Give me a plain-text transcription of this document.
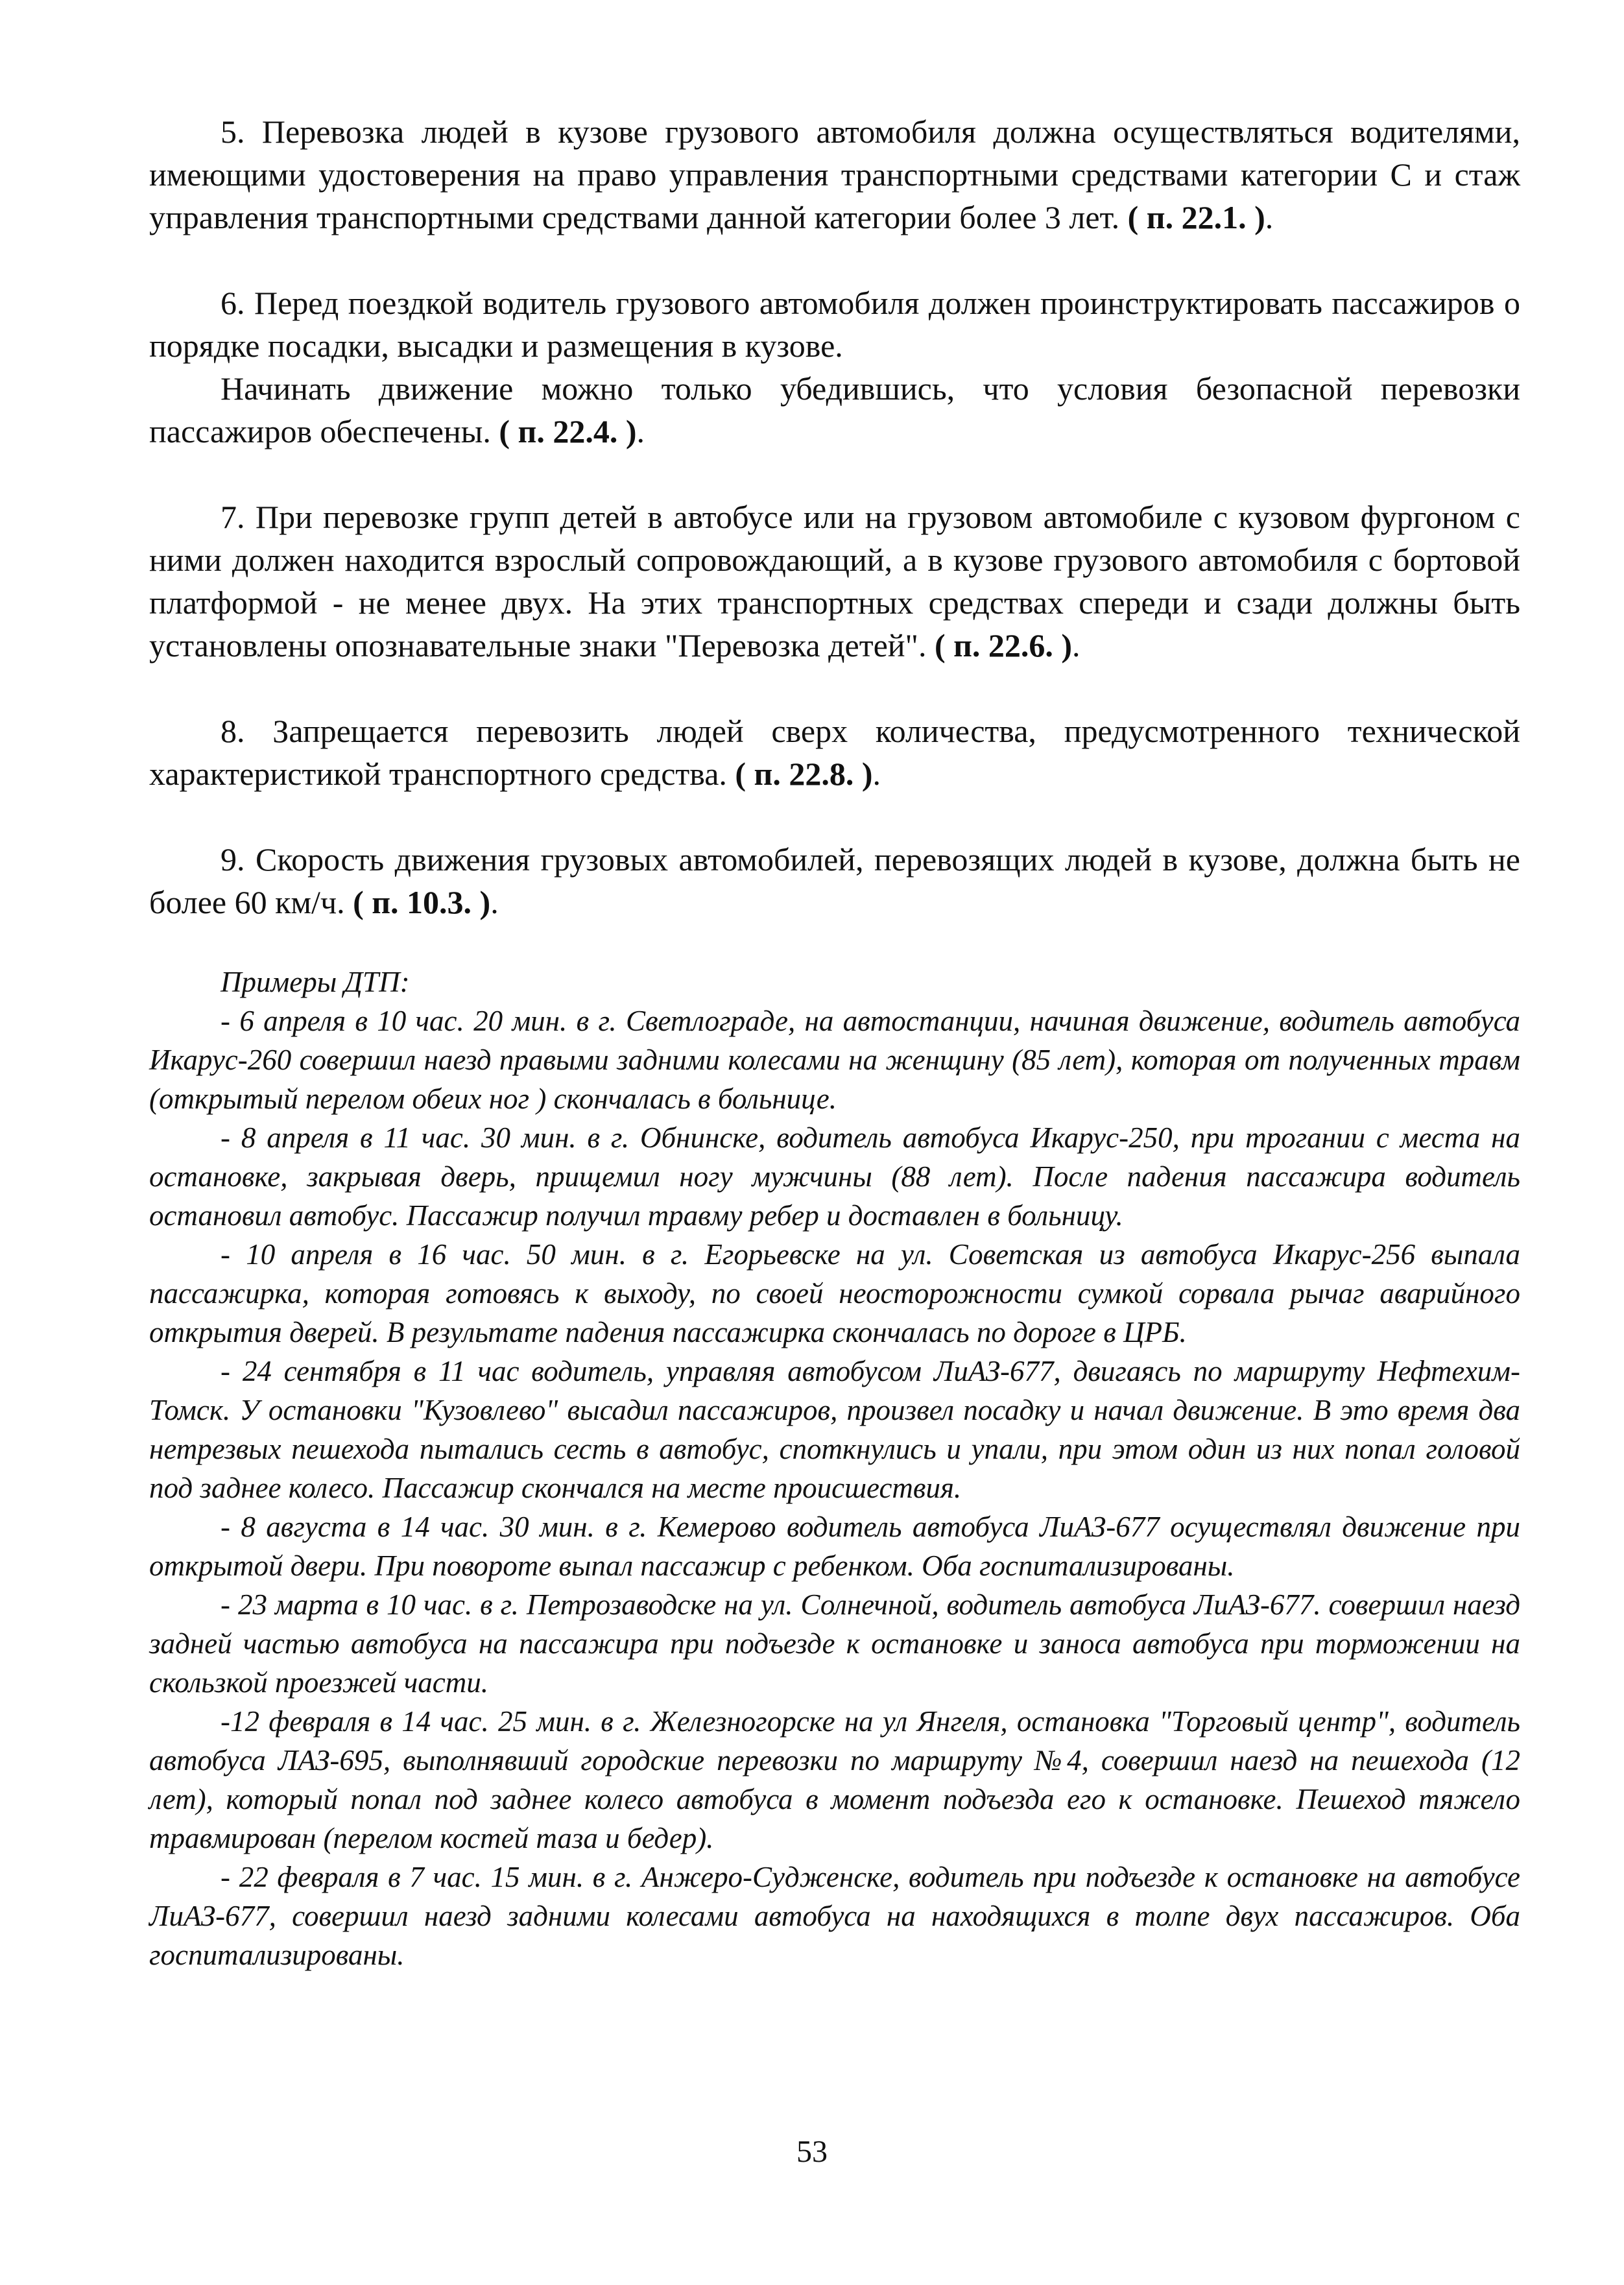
5. Перевозка людей в кузове грузового автомобиля должна осуществляться водителями, имеющими удостоверения на право управления транспортными средствами категории С и стаж управления транспортными средствами данной категории более 3 лет. ( п. 22.1. ).

6. Перед поездкой водитель грузового автомобиля должен проинструктировать пассажиров о порядке посадки, высадки и размещения в кузове.

Начинать движение можно только убедившись, что условия безопасной перевозки пассажиров обеспечены. ( п. 22.4. ).

7. При перевозке групп детей в автобусе или на грузовом автомобиле с кузовом фургоном с ними должен находится взрослый сопровождающий, а в кузове грузового автомобиля с бортовой платформой - не менее двух. На этих транспортных средствах спереди и сзади должны быть установлены опознавательные знаки "Перевозка детей". ( п. 22.6. ).

8. Запрещается перевозить людей сверх количества, предусмотренного технической характеристикой транспортного средства. ( п. 22.8. ).

9. Скорость движения грузовых автомобилей, перевозящих людей в кузове, должна быть не более 60 км/ч. ( п. 10.3. ).

Примеры ДТП:

- 6 апреля в 10 час. 20 мин. в г. Светлограде, на автостанции, начиная движение, водитель автобуса Икарус-260 совершил наезд правыми задними колесами на женщину (85 лет), которая от полученных травм (открытый перелом обеих ног ) скончалась в больнице.

- 8 апреля в 11 час. 30 мин. в г. Обнинске, водитель автобуса Икарус-250, при трогании с места на остановке, закрывая дверь, прищемил ногу мужчины (88 лет). После падения пассажира водитель остановил автобус. Пассажир получил травму ребер и доставлен в больницу.

- 10 апреля в 16 час. 50 мин. в г. Егорьевске на ул. Советская из автобуса Икарус-256 выпала пассажирка, которая готовясь к выходу, по своей неосторожности сумкой сорвала рычаг аварийного открытия дверей. В результате падения пассажирка скончалась по дороге в ЦРБ.

- 24 сентября в 11 час водитель, управляя автобусом ЛиАЗ-677, двигаясь по маршруту Нефтехим- Томск. У остановки "Кузовлево" высадил пассажиров, произвел посадку и начал движение. В это время два нетрезвых пешехода пытались сесть в автобус, споткнулись и упали, при этом один из них попал головой под заднее колесо. Пассажир скончался на месте происшествия.

- 8 августа в 14 час. 30 мин. в г. Кемерово водитель автобуса ЛиАЗ-677 осуществлял движение при открытой двери. При повороте выпал пассажир с ребенком. Оба госпитализированы.

- 23 марта в 10 час. в г. Петрозаводске на ул. Солнечной, водитель автобуса ЛиАЗ-677. совершил наезд задней частью автобуса на пассажира при подъезде к остановке и заноса автобуса при торможении на скользкой проезжей части.

-12 февраля в 14 час. 25 мин. в г. Железногорске на ул Янгеля, остановка "Торговый центр", водитель автобуса ЛАЗ-695, выполнявший городские перевозки по маршруту №4, совершил наезд на пешехода (12 лет), который попал под заднее колесо автобуса в момент подъезда его к остановке. Пешеход тяжело травмирован (перелом костей таза и бедер).

- 22 февраля в 7 час. 15 мин. в г. Анжеро-Судженске, водитель при подъезде к остановке на автобусе ЛиАЗ-677, совершил наезд задними колесами автобуса на находящихся в толпе двух пассажиров. Оба госпитализированы.

53
